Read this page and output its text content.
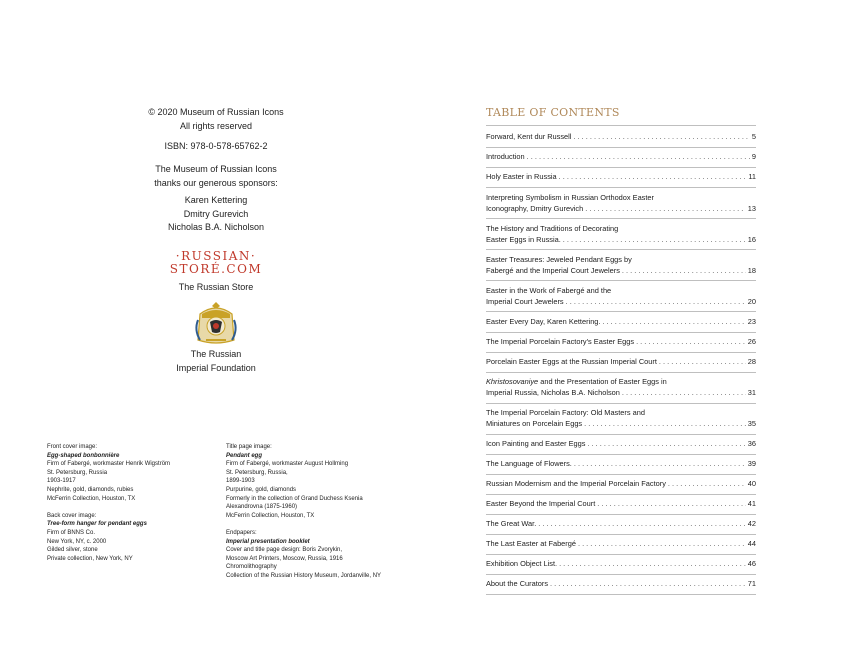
© 2020 Museum of Russian Icons
All rights reserved
ISBN: 978-0-578-65762-2
The Museum of Russian Icons
thanks our generous sponsors:
Karen Kettering
Dmitry Gurevich
Nicholas B.A. Nicholson
·RUSSIAN·
STORÉ.COM
The Russian Store
The Russian
Imperial Foundation
Front cover image:
Egg-shaped bonbonnière
Firm of Fabergé, workmaster Henrik Wigström
St. Petersburg, Russia
1903-1917
Nephrite, gold, diamonds, rubies
McFerrin Collection, Houston, TX

Back cover image:
Tree-form hanger for pendant eggs
Firm of BNNS Co.
New York, NY, c. 2000
Gilded silver, stone
Private collection, New York, NY
Title page image:
Pendant egg
Firm of Fabergé, workmaster August Hollming
St. Petersburg, Russia,
1899-1903
Purpurine, gold, diamonds
Formerly in the collection of Grand Duchess Ksenia
Alexandrovna (1875-1960)
McFerrin Collection, Houston, TX

Endpapers:
Imperial presentation booklet
Cover and title page design: Boris Zvorykin,
Moscow Art Printers, Moscow, Russia, 1916
Chromolithography
Collection of the Russian History Museum, Jordanville, NY
TABLE OF CONTENTS
Forward, Kent dur Russell . . .	5
Introduction . . .	9
Holy Easter in Russia . . .	11
Interpreting Symbolism in Russian Orthodox Easter
Iconography, Dmitry Gurevich . . .	13
The History and Traditions of Decorating
Easter Eggs in Russia. . . .	16
Easter Treasures: Jeweled Pendant Eggs by
Fabergé and the Imperial Court Jewelers . . .	18
Easter in the Work of Fabergé and the
Imperial Court Jewelers . . .	20
Easter Every Day, Karen Kettering. . . .	23
The Imperial Porcelain Factory's Easter Eggs . . .	26
Porcelain Easter Eggs at the Russian Imperial Court . . .	28
Khristosovaniye and the Presentation of Easter Eggs in
Imperial Russia, Nicholas B.A. Nicholson . . .	31
The Imperial Porcelain Factory: Old Masters and
Miniatures on Porcelain Eggs . . .	35
Icon Painting and Easter Eggs . . .	36
The Language of Flowers. . . .	39
Russian Modernism and the Imperial Porcelain Factory . . .	40
Easter Beyond the Imperial Court . . .	41
The Great War. . . .	42
The Last Easter at Fabergé . . .	44
Exhibition Object List. . . .	46
About the Curators . . .	71
